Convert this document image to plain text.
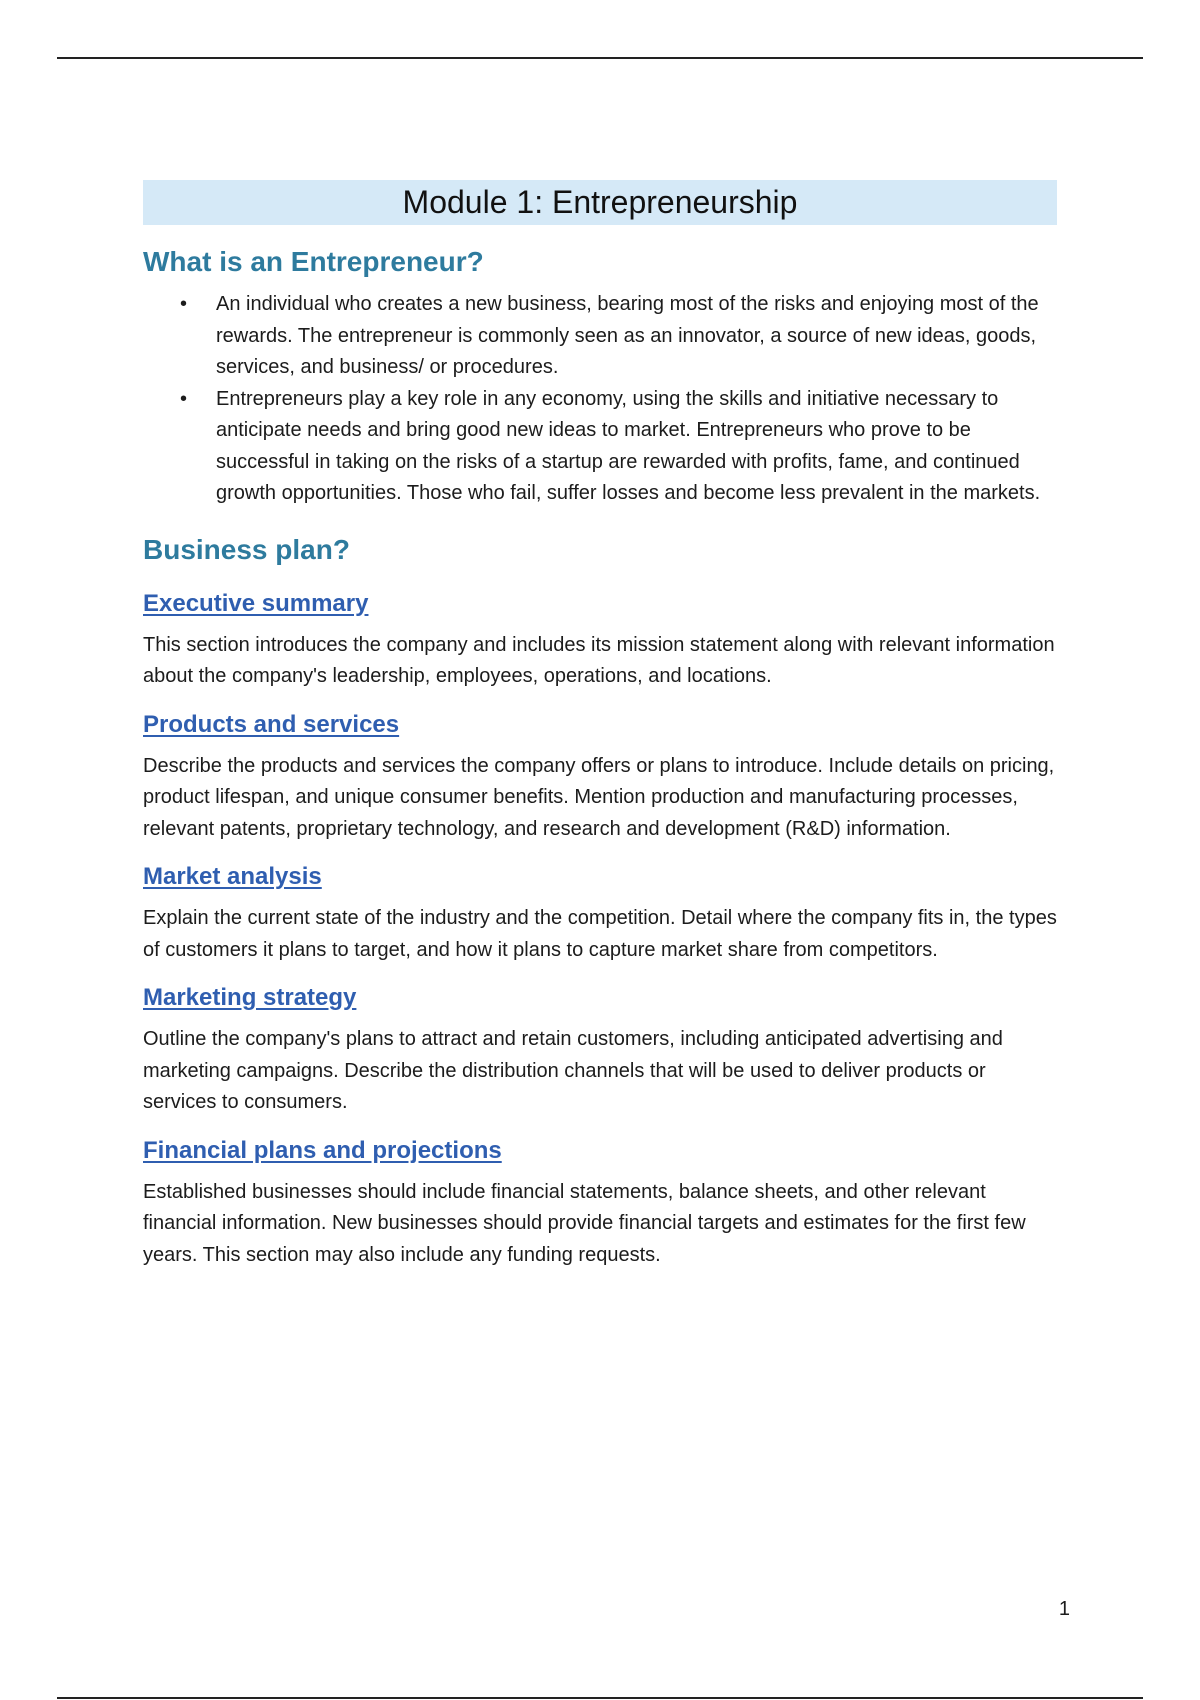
Module 1: Entrepreneurship
What is an Entrepreneur?
• An individual who creates a new business, bearing most of the risks and enjoying most of the rewards. The entrepreneur is commonly seen as an innovator, a source of new ideas, goods, services, and business/ or procedures.
• Entrepreneurs play a key role in any economy, using the skills and initiative necessary to anticipate needs and bring good new ideas to market. Entrepreneurs who prove to be successful in taking on the risks of a startup are rewarded with profits, fame, and continued growth opportunities. Those who fail, suffer losses and become less prevalent in the markets.
Business plan?
Executive summary

This section introduces the company and includes its mission statement along with relevant information about the company's leadership, employees, operations, and locations.

Products and services

Describe the products and services the company offers or plans to introduce. Include details on pricing, product lifespan, and unique consumer benefits. Mention production and manufacturing processes, relevant patents, proprietary technology, and research and development (R&D) information.

Market analysis

Explain the current state of the industry and the competition. Detail where the company fits in, the types of customers it plans to target, and how it plans to capture market share from competitors.

Marketing strategy

Outline the company's plans to attract and retain customers, including anticipated advertising and marketing campaigns. Describe the distribution channels that will be used to deliver products or services to consumers.

Financial plans and projections

Established businesses should include financial statements, balance sheets, and other relevant financial information. New businesses should provide financial targets and estimates for the first few years. This section may also include any funding requests.

1
